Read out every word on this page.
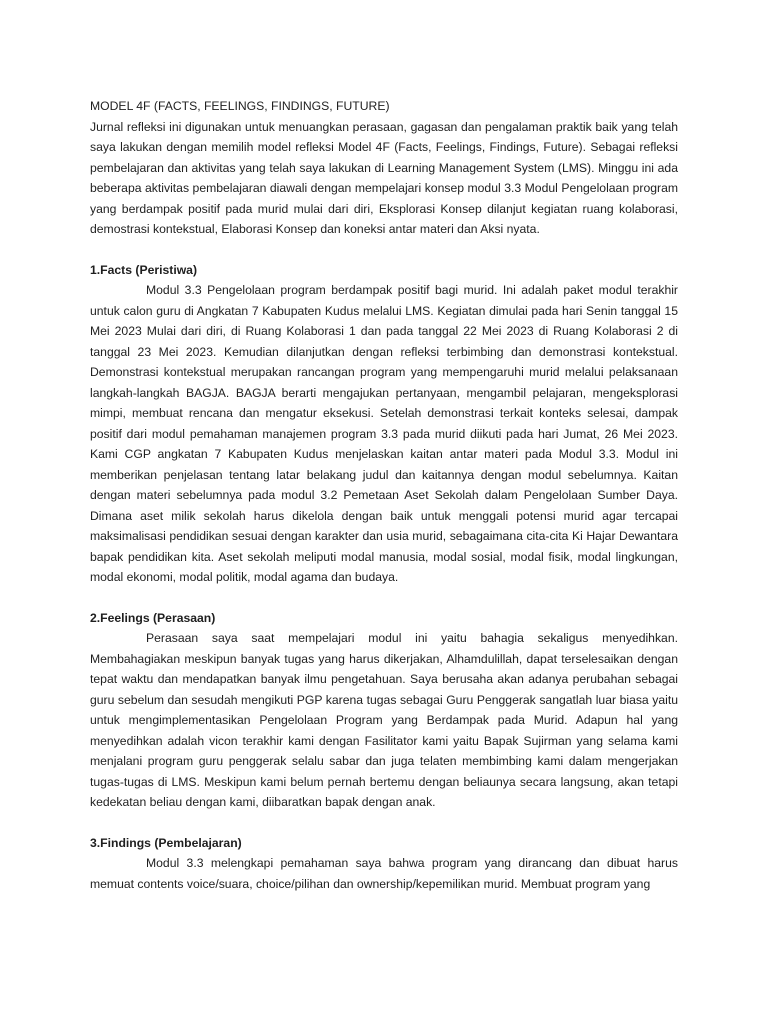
MODEL 4F (FACTS, FEELINGS, FINDINGS, FUTURE)

Jurnal refleksi ini digunakan untuk menuangkan perasaan, gagasan dan pengalaman praktik baik yang telah saya lakukan dengan memilih model refleksi Model 4F (Facts, Feelings, Findings, Future). Sebagai refleksi pembelajaran dan aktivitas yang telah saya lakukan di Learning Management System (LMS). Minggu ini ada beberapa aktivitas pembelajaran diawali dengan mempelajari konsep modul 3.3 Modul Pengelolaan program yang berdampak positif pada murid mulai dari diri, Eksplorasi Konsep dilanjut kegiatan ruang kolaborasi, demostrasi kontekstual, Elaborasi Konsep dan koneksi antar materi dan Aksi nyata.

1.Facts (Peristiwa)

Modul 3.3 Pengelolaan program berdampak positif bagi murid. Ini adalah paket modul terakhir untuk calon guru di Angkatan 7 Kabupaten Kudus melalui LMS. Kegiatan dimulai pada hari Senin tanggal 15 Mei 2023 Mulai dari diri, di Ruang Kolaborasi 1 dan pada tanggal 22 Mei 2023 di Ruang Kolaborasi 2 di tanggal 23 Mei 2023. Kemudian dilanjutkan dengan refleksi terbimbing dan demonstrasi kontekstual. Demonstrasi kontekstual merupakan rancangan program yang mempengaruhi murid melalui pelaksanaan langkah-langkah BAGJA. BAGJA berarti mengajukan pertanyaan, mengambil pelajaran, mengeksplorasi mimpi, membuat rencana dan mengatur eksekusi. Setelah demonstrasi terkait konteks selesai, dampak positif dari modul pemahaman manajemen program 3.3 pada murid diikuti pada hari Jumat, 26 Mei 2023. Kami CGP angkatan 7 Kabupaten Kudus menjelaskan kaitan antar materi pada Modul 3.3. Modul ini memberikan penjelasan tentang latar belakang judul dan kaitannya dengan modul sebelumnya. Kaitan dengan materi sebelumnya pada modul 3.2 Pemetaan Aset Sekolah dalam Pengelolaan Sumber Daya. Dimana aset milik sekolah harus dikelola dengan baik untuk menggali potensi murid agar tercapai maksimalisasi pendidikan sesuai dengan karakter dan usia murid, sebagaimana cita-cita Ki Hajar Dewantara bapak pendidikan kita. Aset sekolah meliputi modal manusia, modal sosial, modal fisik, modal lingkungan, modal ekonomi, modal politik, modal agama dan budaya.

2.Feelings (Perasaan)

Perasaan saya saat mempelajari modul ini yaitu bahagia sekaligus menyedihkan. Membahagiakan meskipun banyak tugas yang harus dikerjakan, Alhamdulillah, dapat terselesaikan dengan tepat waktu dan mendapatkan banyak ilmu pengetahuan. Saya berusaha akan adanya perubahan sebagai guru sebelum dan sesudah mengikuti PGP karena tugas sebagai Guru Penggerak sangatlah luar biasa yaitu untuk mengimplementasikan Pengelolaan Program yang Berdampak pada Murid. Adapun hal yang menyedihkan adalah vicon terakhir kami dengan Fasilitator kami yaitu Bapak Sujirman yang selama kami menjalani program guru penggerak selalu sabar dan juga telaten membimbing kami dalam mengerjakan tugas-tugas di LMS. Meskipun kami belum pernah bertemu dengan beliaunya secara langsung, akan tetapi kedekatan beliau dengan kami, diibaratkan bapak dengan anak.

3.Findings (Pembelajaran)

Modul 3.3 melengkapi pemahaman saya bahwa program yang dirancang dan dibuat harus memuat contents voice/suara, choice/pilihan dan ownership/kepemilikan murid. Membuat program yang
